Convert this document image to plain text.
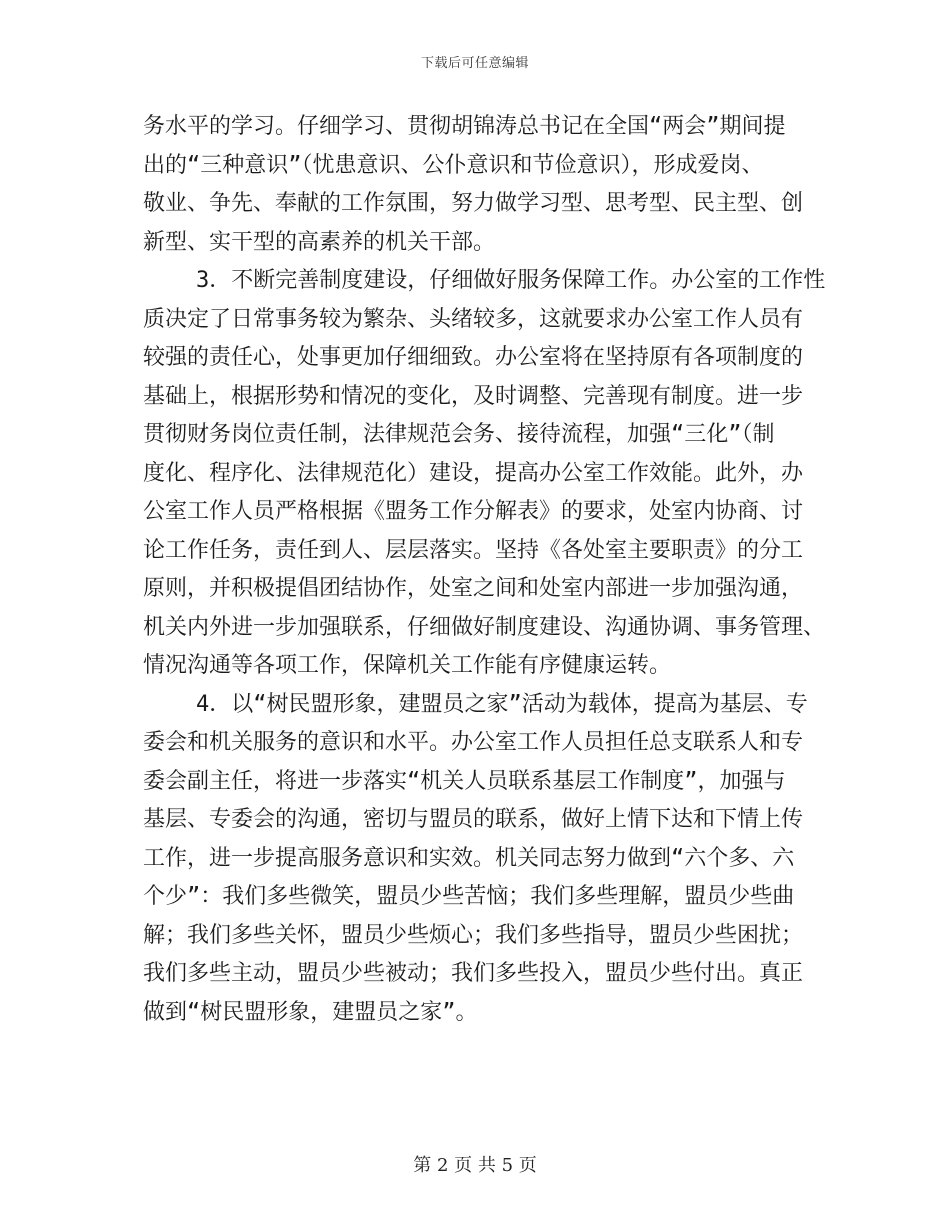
下载后可任意编辑
务水平的学习。仔细学习、贯彻胡锦涛总书记在全国“两会”期间提
出的“三种意识”（忧患意识、公仆意识和节俭意识），形成爱岗、
敬业、争先、奉献的工作氛围，努力做学习型、思考型、民主型、创
新型、实干型的高素养的机关干部。
3．不断完善制度建设，仔细做好服务保障工作。办公室的工作性
质决定了日常事务较为繁杂、头绪较多，这就要求办公室工作人员有
较强的责任心，处事更加仔细细致。办公室将在坚持原有各项制度的
基础上，根据形势和情况的变化，及时调整、完善现有制度。进一步
贯彻财务岗位责任制，法律规范会务、接待流程，加强“三化”（制
度化、程序化、法律规范化）建设，提高办公室工作效能。此外，办
公室工作人员严格根据《盟务工作分解表》的要求，处室内协商、讨
论工作任务，责任到人、层层落实。坚持《各处室主要职责》的分工
原则，并积极提倡团结协作，处室之间和处室内部进一步加强沟通，
机关内外进一步加强联系，仔细做好制度建设、沟通协调、事务管理、
情况沟通等各项工作，保障机关工作能有序健康运转。
4．以“树民盟形象，建盟员之家”活动为载体，提高为基层、专
委会和机关服务的意识和水平。办公室工作人员担任总支联系人和专
委会副主任，将进一步落实“机关人员联系基层工作制度”，加强与
基层、专委会的沟通，密切与盟员的联系，做好上情下达和下情上传
工作，进一步提高服务意识和实效。机关同志努力做到“六个多、六
个少”：我们多些微笑，盟员少些苦恼；我们多些理解，盟员少些曲
解；我们多些关怀，盟员少些烦心；我们多些指导，盟员少些困扰；
我们多些主动，盟员少些被动；我们多些投入，盟员少些付出。真正
做到“树民盟形象，建盟员之家”。
第 2 页 共 5 页
